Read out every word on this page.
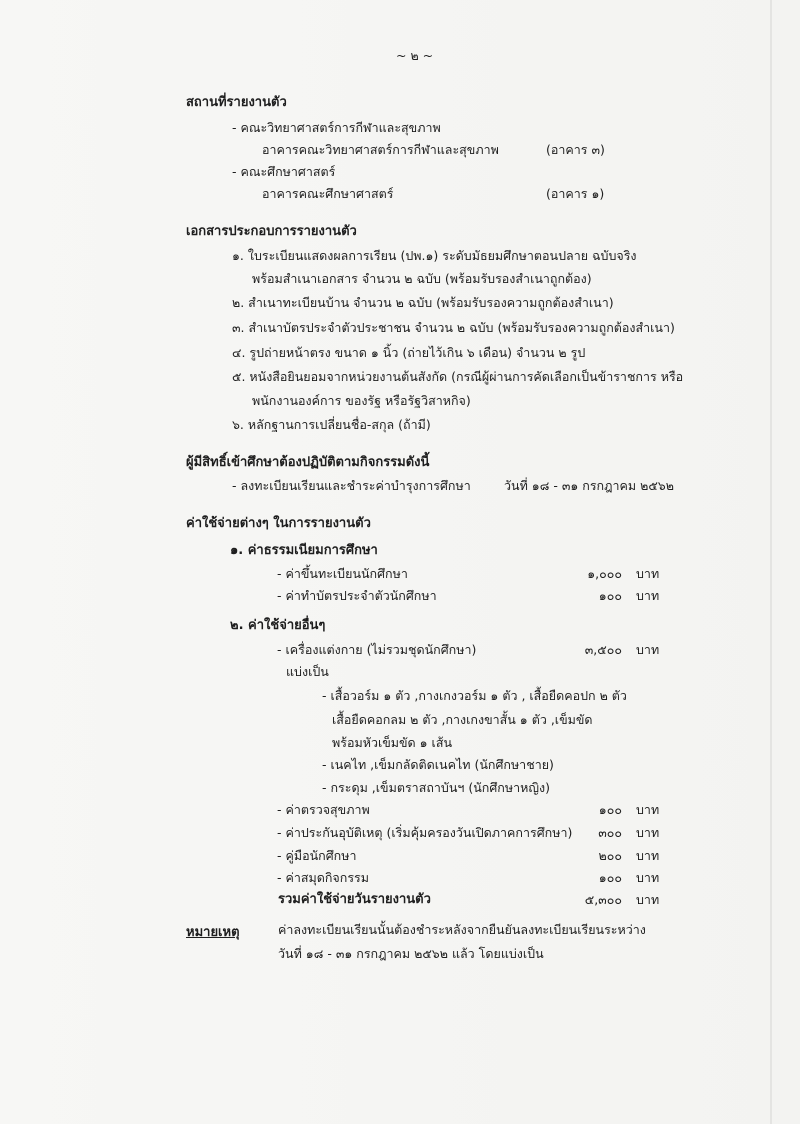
~ ๒ ~
สถานที่รายงานตัว
- คณะวิทยาศาสตร์การกีฬาและสุขภาพ
อาคารคณะวิทยาศาสตร์การกีฬาและสุขภาพ	(อาคาร ๓)
- คณะศึกษาศาสตร์
อาคารคณะศึกษาศาสตร์	(อาคาร ๑)
เอกสารประกอบการรายงานตัว
๑. ใบระเบียนแสดงผลการเรียน (ปพ.๑) ระดับมัธยมศึกษาตอนปลาย ฉบับจริง
พร้อมสำเนาเอกสาร จำนวน ๒ ฉบับ (พร้อมรับรองสำเนาถูกต้อง)
๒. สำเนาทะเบียนบ้าน จำนวน ๒ ฉบับ (พร้อมรับรองความถูกต้องสำเนา)
๓. สำเนาบัตรประจำตัวประชาชน จำนวน ๒ ฉบับ (พร้อมรับรองความถูกต้องสำเนา)
๔. รูปถ่ายหน้าตรง ขนาด ๑ นิ้ว (ถ่ายไว้เกิน ๖ เดือน) จำนวน ๒ รูป
๕. หนังสือยินยอมจากหน่วยงานต้นสังกัด (กรณีผู้ผ่านการคัดเลือกเป็นข้าราชการ หรือ
พนักงานองค์การ ของรัฐ หรือรัฐวิสาหกิจ)
๖. หลักฐานการเปลี่ยนชื่อ-สกุล (ถ้ามี)
ผู้มีสิทธิ์เข้าศึกษาต้องปฏิบัติตามกิจกรรมดังนี้
- ลงทะเบียนเรียนและชำระค่าบำรุงการศึกษา	วันที่ ๑๘ - ๓๑ กรกฎาคม ๒๕๖๒
ค่าใช้จ่ายต่างๆ ในการรายงานตัว
๑. ค่าธรรมเนียมการศึกษา
- ค่าขึ้นทะเบียนนักศึกษา	๑,๐๐๐ บาท
- ค่าทำบัตรประจำตัวนักศึกษา	๑๐๐ บาท
๒. ค่าใช้จ่ายอื่นๆ
- เครื่องแต่งกาย (ไม่รวมชุดนักศึกษา)	๓,๕๐๐ บาท
แบ่งเป็น
- เสื้อวอร์ม ๑ ตัว ,กางเกงวอร์ม ๑ ตัว , เสื้อยืดคอปก ๒ ตัว
เสื้อยืดคอกลม ๒ ตัว ,กางเกงขาสั้น ๑ ตัว ,เข็มขัด
พร้อมหัวเข็มขัด ๑ เส้น
- เนคไท ,เข็มกลัดติดเนคไท (นักศึกษาชาย)
- กระดุม ,เข็มตราสถาบันฯ (นักศึกษาหญิง)
- ค่าตรวจสุขภาพ	๑๐๐ บาท
- ค่าประกันอุบัติเหตุ (เริ่มคุ้มครองวันเปิดภาคการศึกษา)	๓๐๐ บาท
- คู่มือนักศึกษา	๒๐๐ บาท
- ค่าสมุดกิจกรรม	๑๐๐ บาท
รวมค่าใช้จ่ายวันรายงานตัว	๕,๓๐๐ บาท
หมายเหตุ	ค่าลงทะเบียนเรียนนั้นต้องชำระหลังจากยืนยันลงทะเบียนเรียนระหว่าง
วันที่ ๑๘ - ๓๑ กรกฎาคม ๒๕๖๒ แล้ว โดยแบ่งเป็น
